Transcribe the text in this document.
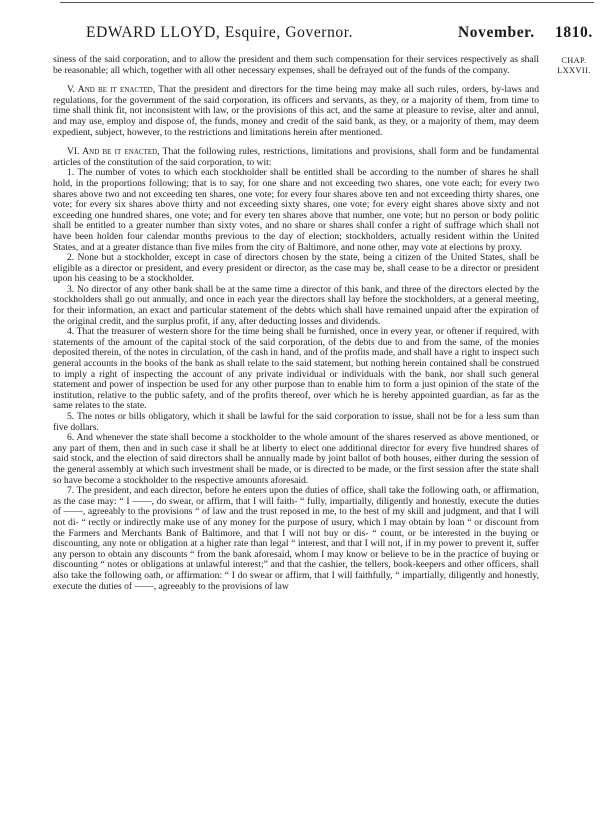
EDWARD LLOYD, Esquire, Governor.	November. 1810.
CHAP.
LXXVII.

siness of the said corporation, and to allow the president and them such compensation for their services respectively as shall be reasonable; all which, together with all other necessary expenses, shall be defrayed out of the funds of the company.

V. And be it enacted, That the president and directors for the time being may make all such rules, orders, by-laws and regulations, for the government of the said corporation, its officers and servants, as they, or a majority of them, from time to time shall think fit, not inconsistent with law, or the provisions of this act, and the same at pleasure to revise, alter and annul, and may use, employ and dispose of, the funds, money and credit of the said bank, as they, or a majority of them, may deem expedient, subject, however, to the restrictions and limitations herein after mentioned.

VI. And be it enacted, That the following rules, restrictions, limitations and provisions, shall form and be fundamental articles of the constitution of the said corporation, to wit:

1. The number of votes to which each stockholder shall be entitled shall be according to the number of shares he shall hold, in the proportions following; that is to say, for one share and not exceeding two shares, one vote each; for every two shares above two and not exceeding ten shares, one vote; for every four shares above ten and not exceeding thirty shares, one vote; for every six shares above thirty and not exceeding sixty shares, one vote; for every eight shares above sixty and not exceeding one hundred shares, one vote; and for every ten shares above that number, one vote; but no person or body politic shall be entitled to a greater number than sixty votes, and no share or shares shall confer a right of suffrage which shall not have been holden four calendar months previous to the day of election; stockholders, actually resident within the United States, and at a greater distance than five miles from the city of Baltimore, and none other, may vote at elections by proxy.

2. None but a stockholder, except in case of directors chosen by the state, being a citizen of the United States, shall be eligible as a director or president, and every president or director, as the case may be, shall cease to be a director or president upon his ceasing to be a stockholder.

3. No director of any other bank shall be at the same time a director of this bank, and three of the directors elected by the stockholders shall go out annually, and once in each year the directors shall lay before the stockholders, at a general meeting, for their information, an exact and particular statement of the debts which shall have remained unpaid after the expiration of the original credit, and the surplus profit, if any, after deducting losses and dividends.

4. That the treasurer of western shore for the time being shall be furnished, once in every year, or oftener if required, with statements of the amount of the capital stock of the said corporation, of the debts due to and from the same, of the monies deposited therein, of the notes in circulation, of the cash in hand, and of the profits made, and shall have a right to inspect such general accounts in the books of the bank as shall relate to the said statement, but nothing herein contained shall be construed to imply a right of inspecting the account of any private individual or individuals with the bank, nor shall such general statement and power of inspection be used for any other purpose than to enable him to form a just opinion of the state of the institution, relative to the public safety, and of the profits thereof, over which he is hereby appointed guardian, as far as the same relates to the state.

5. The notes or bills obligatory, which it shall be lawful for the said corporation to issue, shall not be for a less sum than five dollars.

6. And whenever the state shall become a stockholder to the whole amount of the shares reserved as above mentioned, or any part of them, then and in such case it shall be at liberty to elect one additional director for every five hundred shares of said stock, and the election of said directors shall be annually made by joint ballot of both houses, either during the session of the general assembly at which such investment shall be made, or is directed to be made, or the first session after the state shall so have become a stockholder to the respective amounts aforesaid.

7. The president, and each director, before he enters upon the duties of office, shall take the following oath, or affirmation, as the case may: “ I ——, do swear, or affirm, that I will faith- “ fully, impartially, diligently and honestly, execute the duties of ——, agreeably to the provisions “ of law and the trust reposed in me, to the best of my skill and judgment, and that I will not di- “ rectly or indirectly make use of any money for the purpose of usury, which I may obtain by loan “ or discount from the Farmers and Merchants Bank of Baltimore, and that I will not buy or dis- “ count, or be interested in the buying or discounting, any note or obligation at a higher rate than legal “ interest, and that I will not, if in my power to prevent it, suffer any person to obtain any discounts “ from the bank aforesaid, whom I may know or believe to be in the practice of buying or discounting “ notes or obligations at unlawful interest;” and that the cashier, the tellers, book-keepers and other officers, shall also take the following oath, or affirmation: “ I do swear or affirm, that I will faithfully, “ impartially, diligently and honestly, execute the duties of ——, agreeably to the provisions of law
